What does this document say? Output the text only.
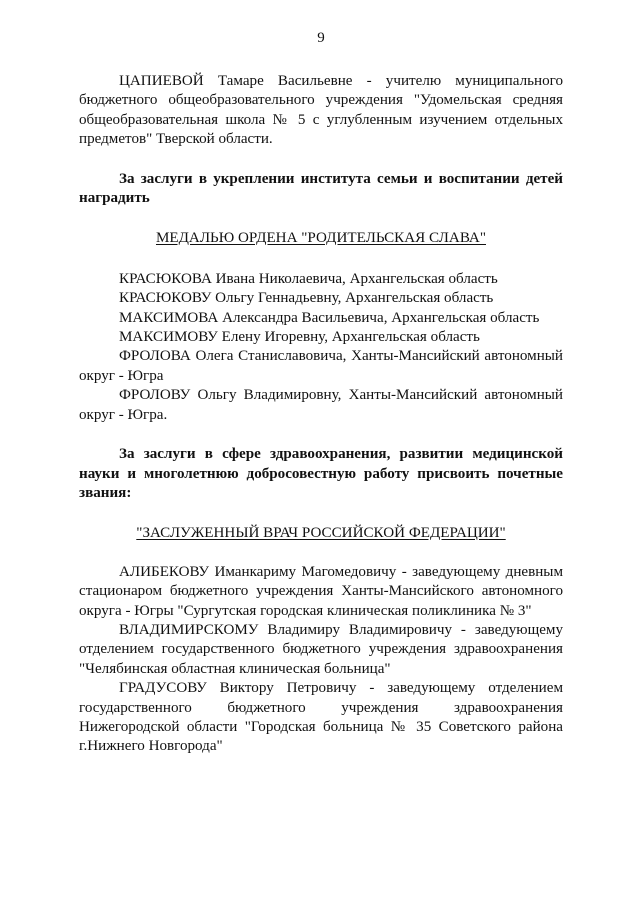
9

ЦАПИЕВОЙ Тамаре Васильевне - учителю муниципального бюджетного общеобразовательного учреждения "Удомельская средняя общеобразовательная школа № 5 с углубленным изучением отдельных предметов" Тверской области.

За заслуги в укреплении института семьи и воспитании детей наградить

МЕДАЛЬЮ ОРДЕНА "РОДИТЕЛЬСКАЯ СЛАВА"

КРАСЮКОВА Ивана Николаевича, Архангельская область

КРАСЮКОВУ Ольгу Геннадьевну, Архангельская область

МАКСИМОВА Александра Васильевича, Архангельская область

МАКСИМОВУ Елену Игоревну, Архангельская область

ФРОЛОВА Олега Станиславовича, Ханты-Мансийский автономный округ - Югра

ФРОЛОВУ Ольгу Владимировну, Ханты-Мансийский автономный округ - Югра.

За заслуги в сфере здравоохранения, развитии медицинской науки и многолетнюю добросовестную работу присвоить почетные звания:

"ЗАСЛУЖЕННЫЙ ВРАЧ РОССИЙСКОЙ ФЕДЕРАЦИИ"

АЛИБЕКОВУ Иманкариму Магомедовичу - заведующему дневным стационаром бюджетного учреждения Ханты-Мансийского автономного округа - Югры "Сургутская городская клиническая поликлиника № 3"

ВЛАДИМИРСКОМУ Владимиру Владимировичу - заведующему отделением государственного бюджетного учреждения здравоохранения "Челябинская областная клиническая больница"

ГРАДУСОВУ Виктору Петровичу - заведующему отделением государственного бюджетного учреждения здравоохранения Нижегородской области "Городская больница № 35 Советского района г.Нижнего Новгорода"
